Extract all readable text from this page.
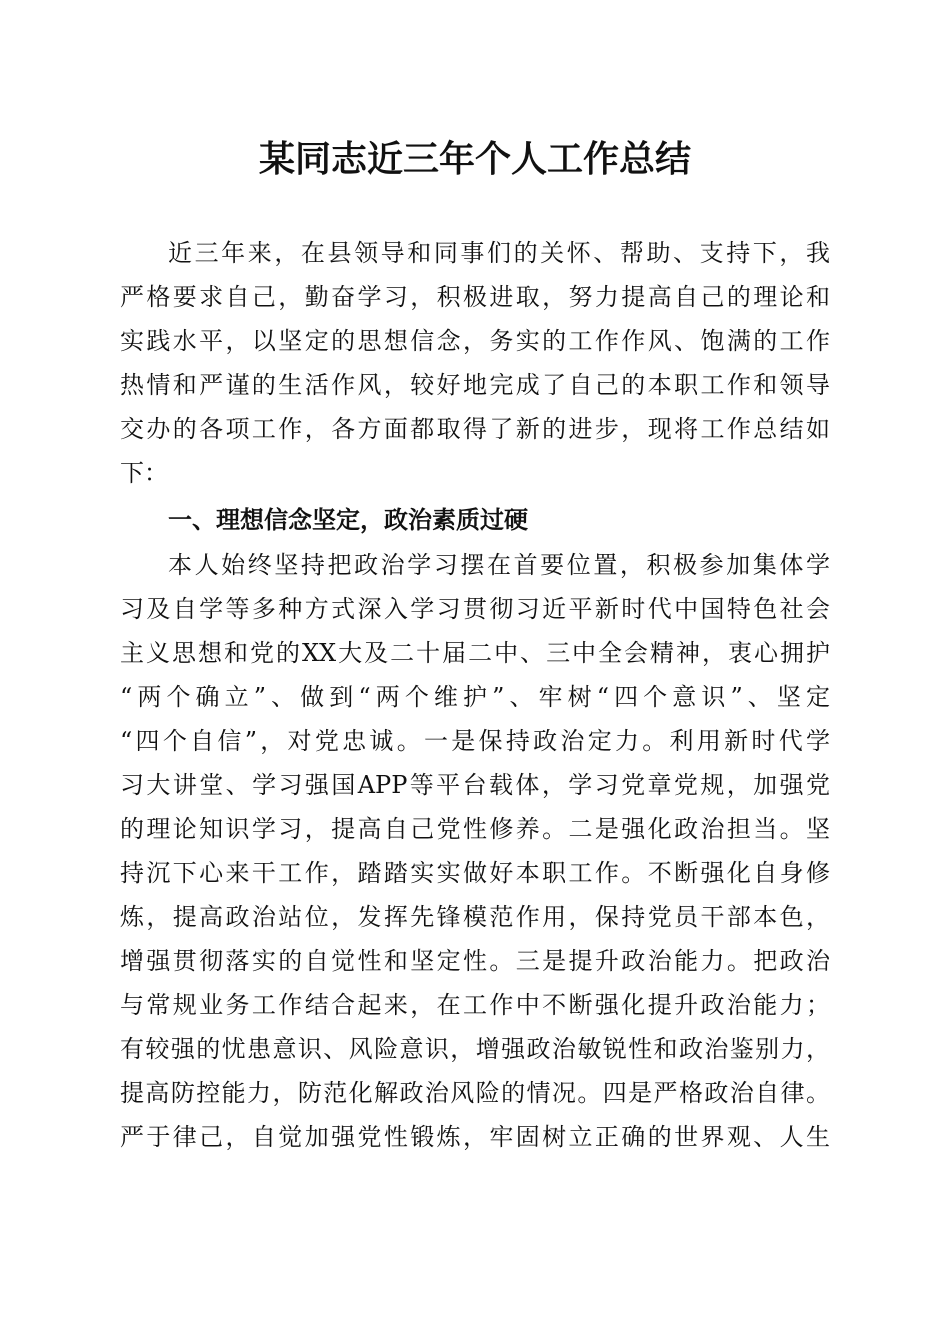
某同志近三年个人工作总结
近三年来，在县领导和同事们的关怀、帮助、支持下，我
严格要求自己，勤奋学习，积极进取，努力提高自己的理论和
实践水平，以坚定的思想信念，务实的工作作风、饱满的工作
热情和严谨的生活作风，较好地完成了自己的本职工作和领导
交办的各项工作，各方面都取得了新的进步，现将工作总结如
下：
一、理想信念坚定，政治素质过硬
本人始终坚持把政治学习摆在首要位置，积极参加集体学
习及自学等多种方式深入学习贯彻习近平新时代中国特色社会
主义思想和党的XX大及二十届二中、三中全会精神，衷心拥护
“两个确立”、做到“两个维护”、牢树“四个意识”、坚定
“四个自信”，对党忠诚。一是保持政治定力。利用新时代学
习大讲堂、学习强国APP等平台载体，学习党章党规，加强党
的理论知识学习，提高自己党性修养。二是强化政治担当。坚
持沉下心来干工作，踏踏实实做好本职工作。不断强化自身修
炼，提高政治站位，发挥先锋模范作用，保持党员干部本色，
增强贯彻落实的自觉性和坚定性。三是提升政治能力。把政治
与常规业务工作结合起来，在工作中不断强化提升政治能力；
有较强的忧患意识、风险意识，增强政治敏锐性和政治鉴别力，
提高防控能力，防范化解政治风险的情况。四是严格政治自律。
严于律己，自觉加强党性锻炼，牢固树立正确的世界观、人生
